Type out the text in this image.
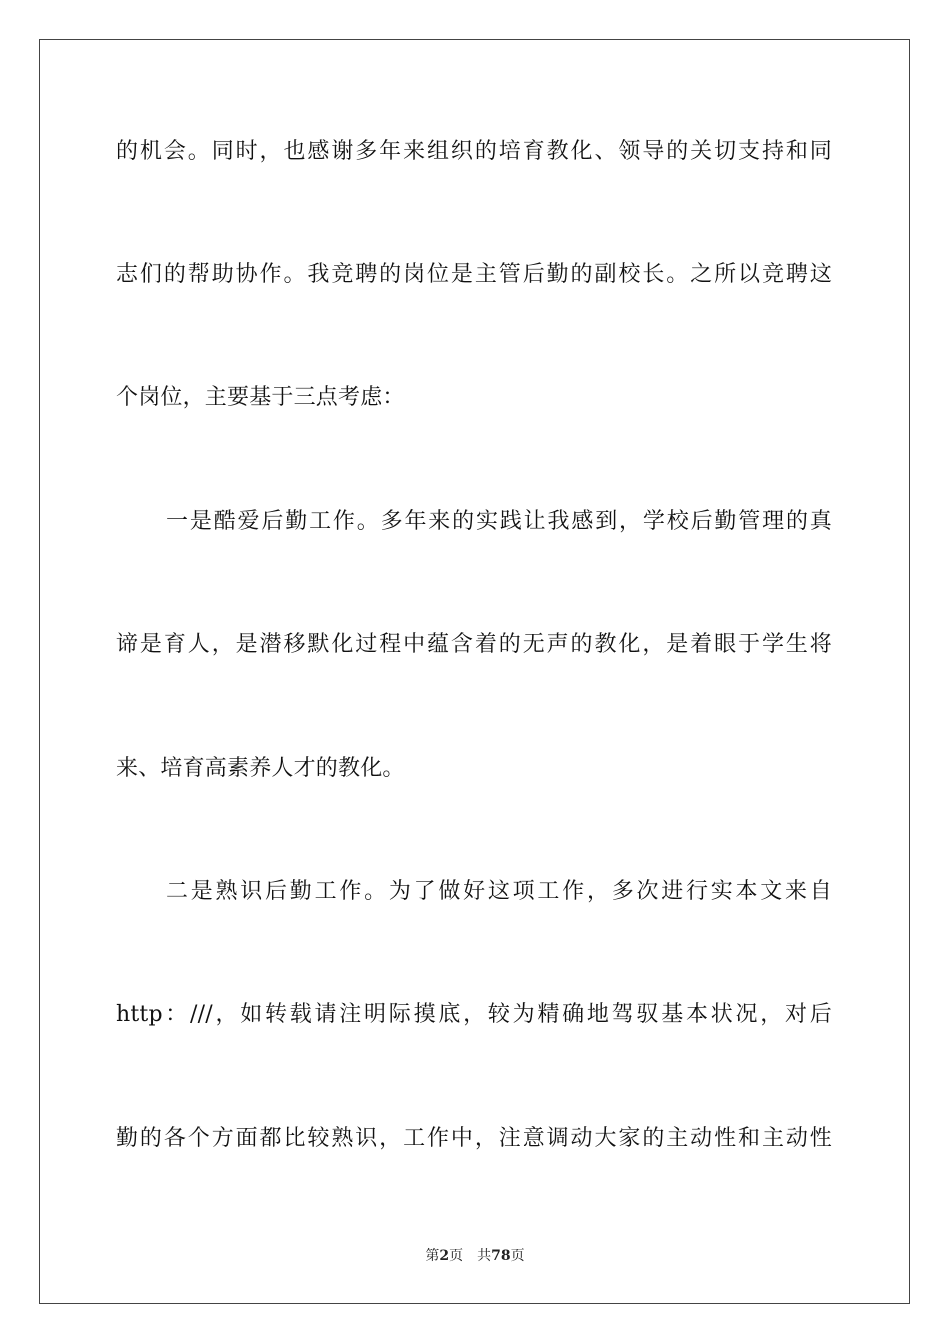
的机会。同时，也感谢多年来组织的培育教化、领导的关切支持和同
志们的帮助协作。我竞聘的岗位是主管后勤的副校长。之所以竞聘这
个岗位，主要基于三点考虑：
一是酷爱后勤工作。多年来的实践让我感到，学校后勤管理的真
谛是育人，是潜移默化过程中蕴含着的无声的教化，是着眼于学生将
来、培育高素养人才的教化。
二是熟识后勤工作。为了做好这项工作，多次进行实本文来自
http：///，如转载请注明际摸底，较为精确地驾驭基本状况，对后
勤的各个方面都比较熟识，工作中，注意调动大家的主动性和主动性
第2页 共78页
